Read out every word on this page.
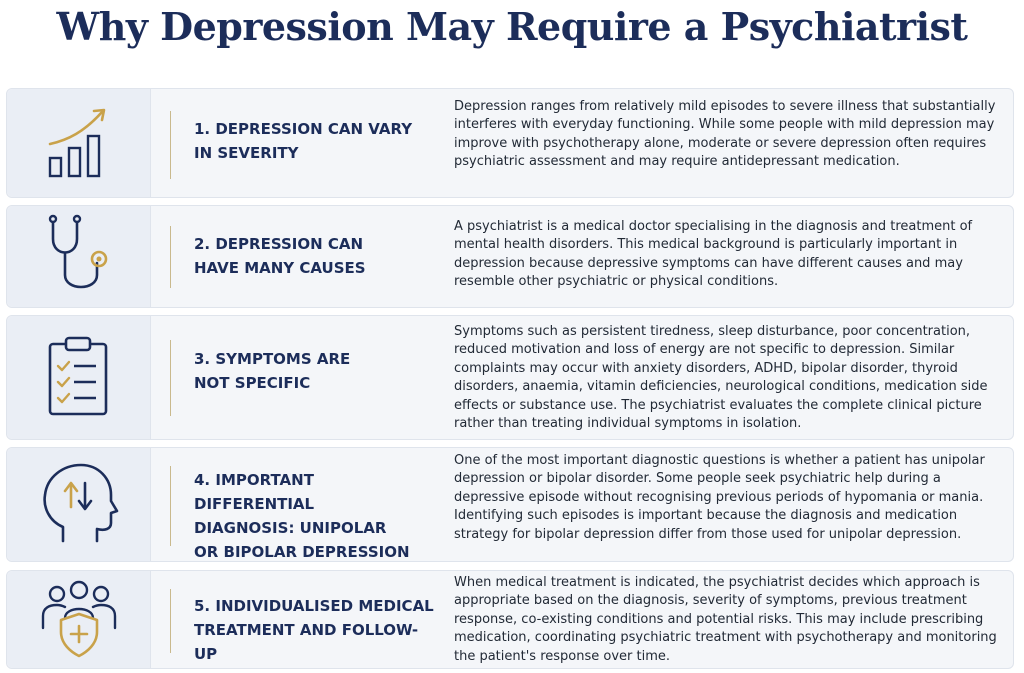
Why Depression May Require a Psychiatrist
1. DEPRESSION CAN VARY
IN SEVERITY
Depression ranges from relatively mild episodes to severe illness that substantially interferes with everyday functioning. While some people with mild depression may improve with psychotherapy alone, moderate or severe depression often requires psychiatric assessment and may require antidepressant medication.
2. DEPRESSION CAN
HAVE MANY CAUSES
A psychiatrist is a medical doctor specialising in the diagnosis and treatment of mental health disorders. This medical background is particularly important in depression because depressive symptoms can have different causes and may resemble other psychiatric or physical conditions.
3. SYMPTOMS ARE
NOT SPECIFIC
Symptoms such as persistent tiredness, sleep disturbance, poor concentration, reduced motivation and loss of energy are not specific to depression. Similar complaints may occur with anxiety disorders, ADHD, bipolar disorder, thyroid disorders, anaemia, vitamin deficiencies, neurological conditions, medication side effects or substance use. The psychiatrist evaluates the complete clinical picture rather than treating individual symptoms in isolation.
4. IMPORTANT DIFFERENTIAL
DIAGNOSIS: UNIPOLAR
OR BIPOLAR DEPRESSION
One of the most important diagnostic questions is whether a patient has unipolar depression or bipolar disorder. Some people seek psychiatric help during a depressive episode without recognising previous periods of hypomania or mania. Identifying such episodes is important because the diagnosis and medication strategy for bipolar depression differ from those used for unipolar depression.
5. INDIVIDUALISED MEDICAL
TREATMENT AND FOLLOW-UP
When medical treatment is indicated, the psychiatrist decides which approach is appropriate based on the diagnosis, severity of symptoms, previous treatment response, co-existing conditions and potential risks. This may include prescribing medication, coordinating psychiatric treatment with psychotherapy and monitoring the patient's response over time.
